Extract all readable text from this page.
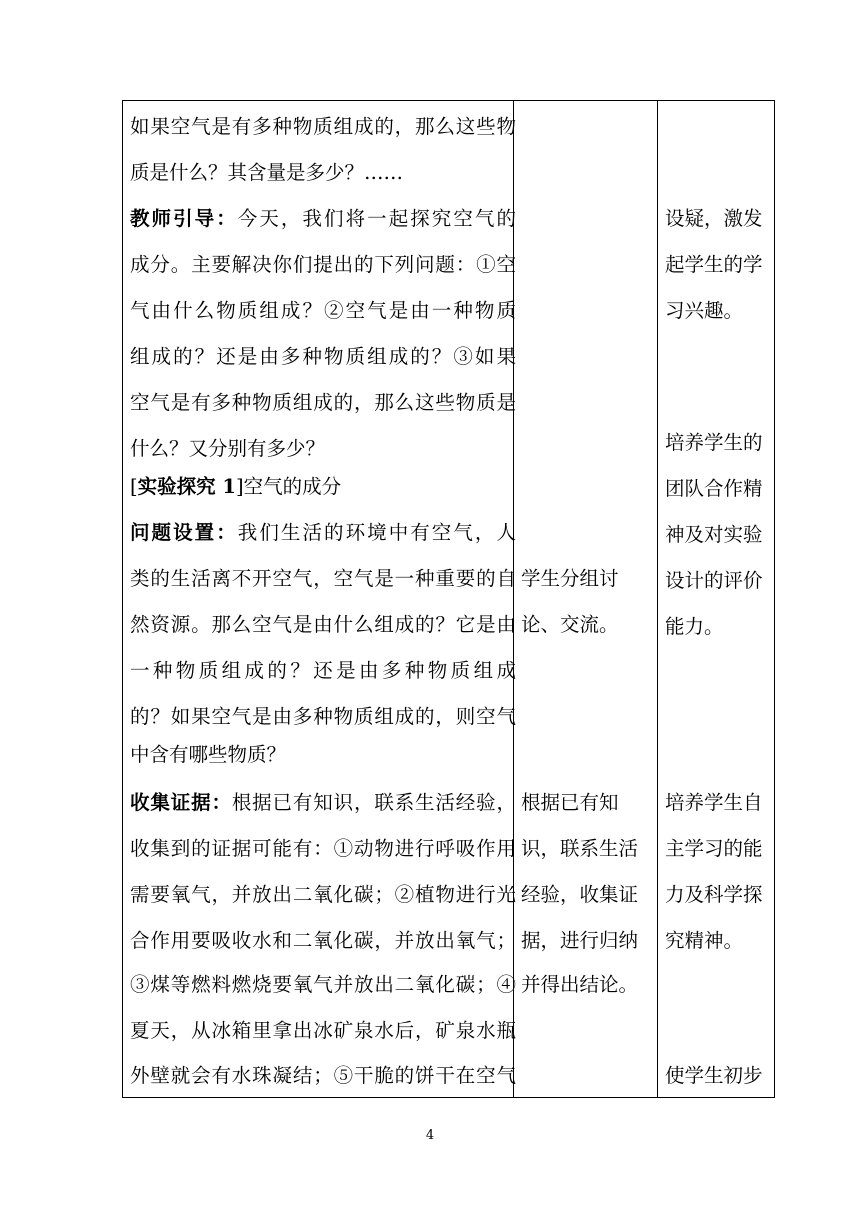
如果空气是有多种物质组成的，那么这些物
质是什么？其含量是多少？……
教师引导：今天，我们将一起探究空气的
成分。主要解决你们提出的下列问题：①空
气由什么物质组成？②空气是由一种物质
组成的？还是由多种物质组成的？③如果
空气是有多种物质组成的，那么这些物质是
什么？又分别有多少？
[实验探究 1]空气的成分
问题设置：我们生活的环境中有空气，人
类的生活离不开空气，空气是一种重要的自
然资源。那么空气是由什么组成的？它是由
一种物质组成的？还是由多种物质组成
的？如果空气是由多种物质组成的，则空气
中含有哪些物质？
收集证据：根据已有知识，联系生活经验，
收集到的证据可能有：①动物进行呼吸作用
需要氧气，并放出二氧化碳；②植物进行光
合作用要吸收水和二氧化碳，并放出氧气；
③煤等燃料燃烧要氧气并放出二氧化碳；④
夏天，从冰箱里拿出冰矿泉水后，矿泉水瓶
外壁就会有水珠凝结；⑤干脆的饼干在空气
学生分组讨
论、交流。
根据已有知
识，联系生活
经验，收集证
据，进行归纳
并得出结论。
设疑，激发
起学生的学
习兴趣。
培养学生的
团队合作精
神及对实验
设计的评价
能力。
培养学生自
主学习的能
力及科学探
究精神。
使学生初步
4
